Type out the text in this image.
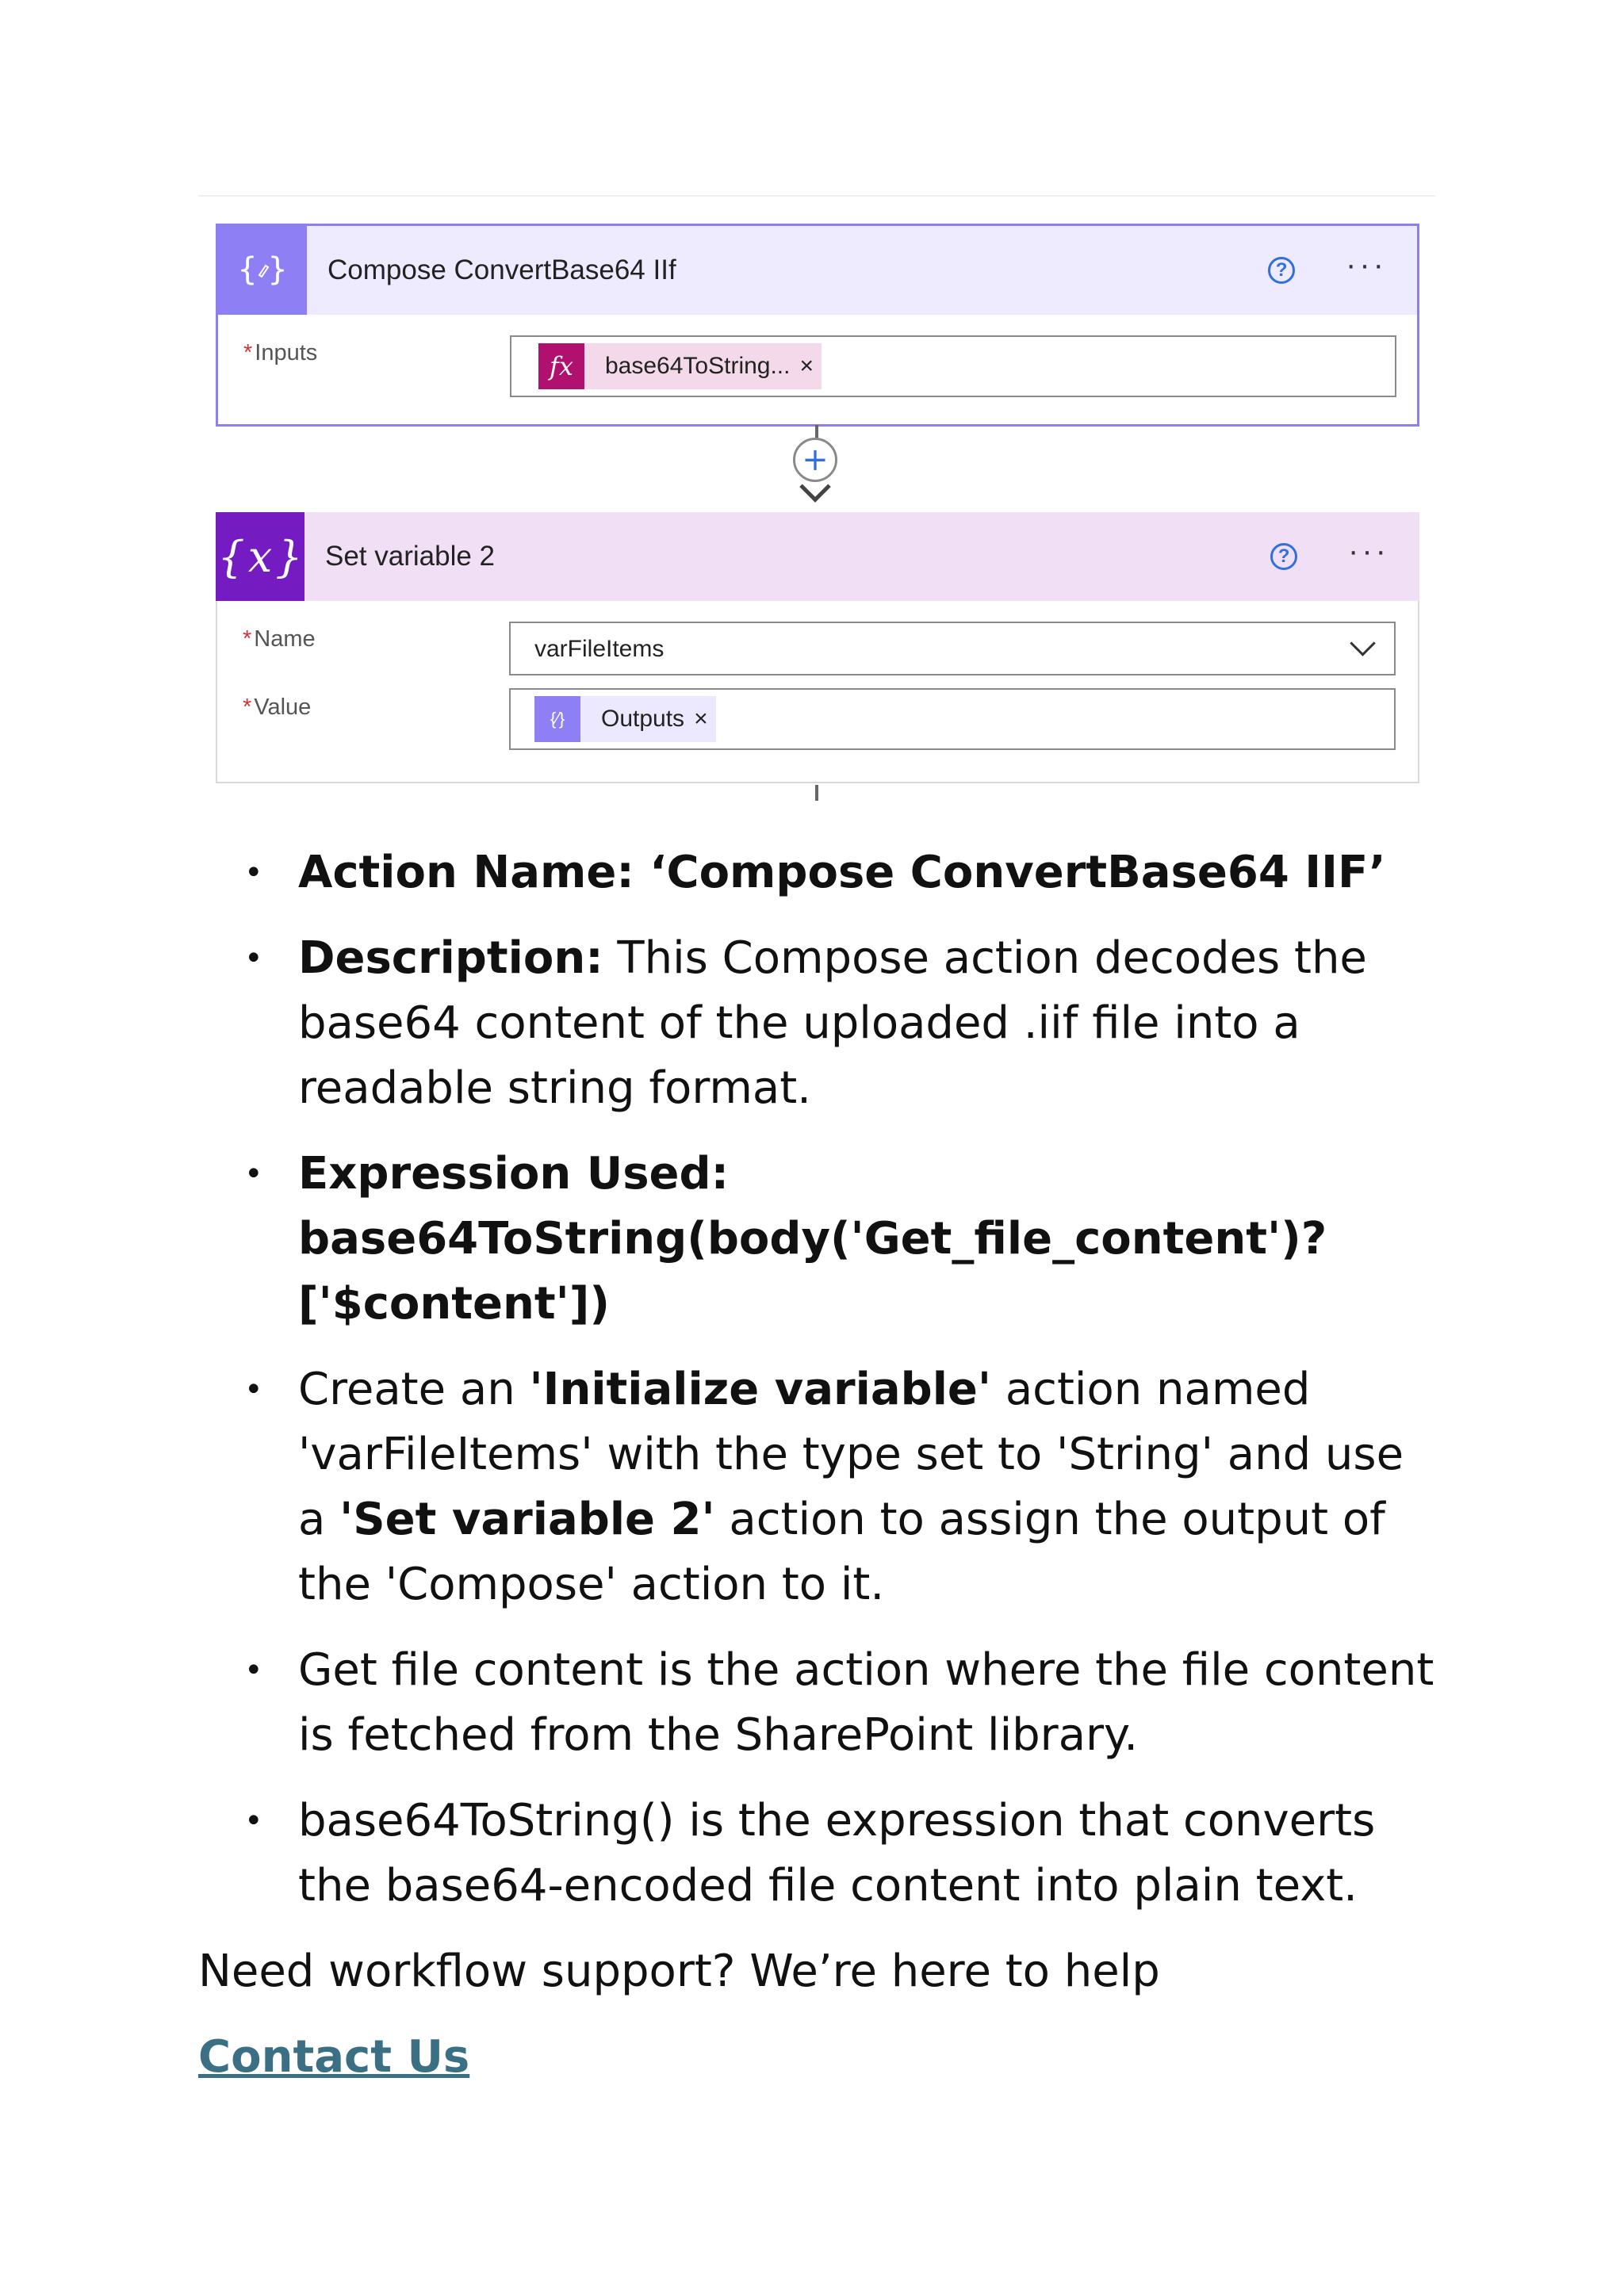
{ } Compose ConvertBase64 IIf	? ···
* Inputs	fx	base64ToString... ×
+
{ x } Set variable 2	? ···
* Name	varFileItems
* Value	{⁄}	Outputs ×
• Action Name: ‘Compose ConvertBase64 IIF’
• Description: This Compose action decodes the base64 content of the uploaded .iif file into a readable string format.
• Expression Used:
base64ToString(body('Get_file_content')?['$content'])
• Create an 'Initialize variable' action named 'varFileItems' with the type set to 'String' and use a 'Set variable 2' action to assign the output of the 'Compose' action to it.
• Get file content is the action where the file content is fetched from the SharePoint library.
• base64ToString() is the expression that converts the base64-encoded file content into plain text.

Need workflow support? We’re here to help

Contact Us
